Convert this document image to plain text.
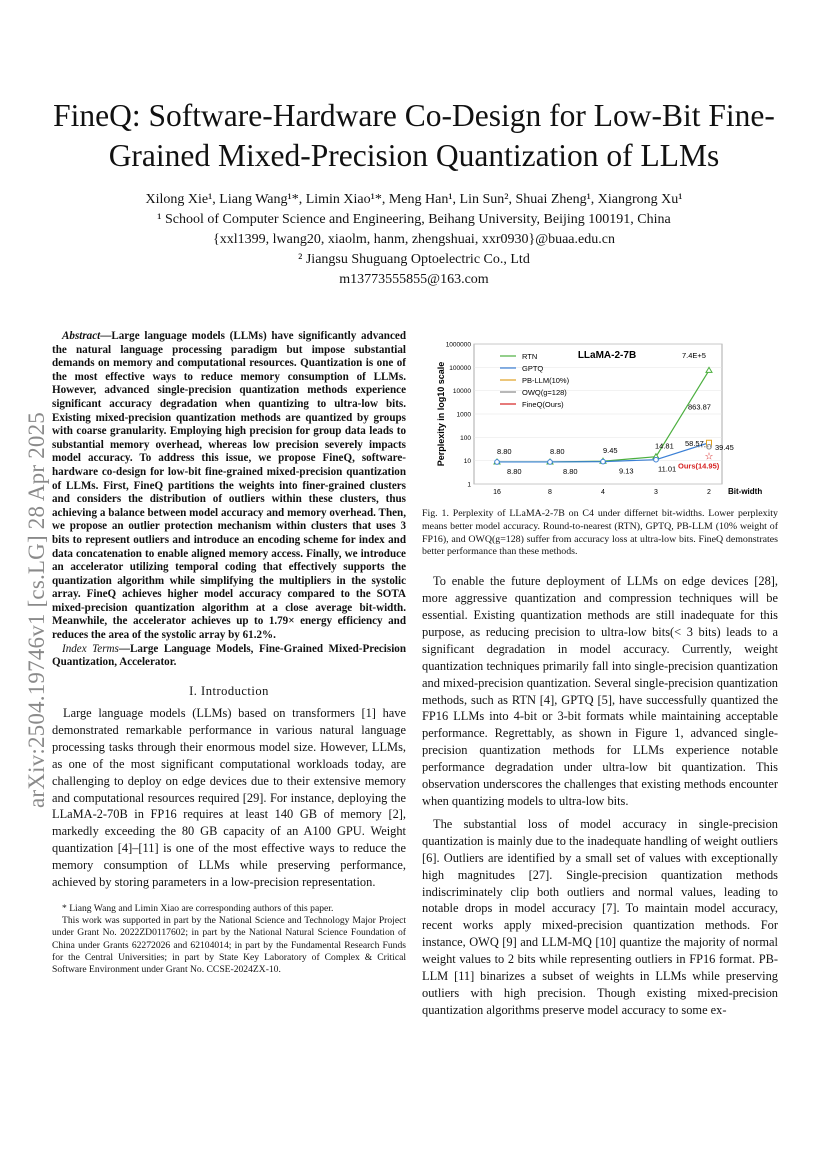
arXiv:2504.19746v1 [cs.LG] 28 Apr 2025
FineQ: Software-Hardware Co-Design for Low-Bit Fine-Grained Mixed-Precision Quantization of LLMs
Xilong Xie¹, Liang Wang¹*, Limin Xiao¹*, Meng Han¹, Lin Sun², Shuai Zheng¹, Xiangrong Xu¹
¹ School of Computer Science and Engineering, Beihang University, Beijing 100191, China
{xxl1399, lwang20, xiaolm, hanm, zhengshuai, xxr0930}@buaa.edu.cn
² Jiangsu Shuguang Optoelectric Co., Ltd
m13773555855@163.com

Abstract—Large language models (LLMs) have significantly advanced the natural language processing paradigm but impose substantial demands on memory and computational resources. Quantization is one of the most effective ways to reduce memory consumption of LLMs. However, advanced single-precision quantization methods experience significant accuracy degradation when quantizing to ultra-low bits. Existing mixed-precision quantization methods are quantized by groups with coarse granularity. Employing high precision for group data leads to substantial memory overhead, whereas low precision severely impacts model accuracy. To address this issue, we propose FineQ, software-hardware co-design for low-bit fine-grained mixed-precision quantization of LLMs. First, FineQ partitions the weights into finer-grained clusters and considers the distribution of outliers within these clusters, thus achieving a balance between model accuracy and memory overhead. Then, we propose an outlier protection mechanism within clusters that uses 3 bits to represent outliers and introduce an encoding scheme for index and data concatenation to enable aligned memory access. Finally, we introduce an accelerator utilizing temporal coding that effectively supports the quantization algorithm while simplifying the multipliers in the systolic array. FineQ achieves higher model accuracy compared to the SOTA mixed-precision quantization algorithm at a close average bit-width. Meanwhile, the accelerator achieves up to 1.79× energy efficiency and reduces the area of the systolic array by 61.2%.

Index Terms—Large Language Models, Fine-Grained Mixed-Precision Quantization, Accelerator.

I. Introduction

Large language models (LLMs) based on transformers [1] have demonstrated remarkable performance in various natural language processing tasks through their enormous model size. However, LLMs, as one of the most significant computational workloads today, are challenging to deploy on edge devices due to their extensive memory and computational resources required [29]. For instance, deploying the LLaMA-2-70B in FP16 requires at least 140 GB of memory [2], markedly exceeding the 80 GB capacity of an A100 GPU. Weight quantization [4]–[11] is one of the most effective ways to reduce the memory consumption of LLMs while preserving performance, achieved by storing parameters in a low-precision representation.

* Liang Wang and Limin Xiao are corresponding authors of this paper.

This work was supported in part by the National Science and Technology Major Project under Grant No. 2022ZD0117602; in part by the National Natural Science Foundation of China under Grants 62272026 and 62104014; in part by the Fundamental Research Funds for the Central Universities; in part by State Key Laboratory of Complex & Critical Software Environment under Grant No. CCSE-2024ZX-10.

1
10
100
1000
10000
100000
1000000
16	8	4	3	2 Bit-width
Perplexity in log10 scale
LLaMA-2-7B
☆
RTN
GPTQ
PB-LLM(10%)
OWQ(g=128)
FineQ(Ours)
8.80	8.80	9.45
14.81
7.4E+5
8.80	8.80	9.13	11.01
863.87
58.57 39.45
Ours(14.95)
Fig. 1. Perplexity of LLaMA-2-7B on C4 under differnet bit-widths. Lower perplexity means better model accuracy. Round-to-nearest (RTN), GPTQ, PB-LLM (10% weight of FP16), and OWQ(g=128) suffer from accuracy loss at ultra-low bits. FineQ demonstrates better performance than these methods.

To enable the future deployment of LLMs on edge devices [28], more aggressive quantization and compression techniques will be essential. Existing quantization methods are still inadequate for this purpose, as reducing precision to ultra-low bits(< 3 bits) leads to a significant degradation in model accuracy. Currently, weight quantization techniques primarily fall into single-precision quantization and mixed-precision quantization. Several single-precision quantization methods, such as RTN [4], GPTQ [5], have successfully quantized the FP16 LLMs into 4-bit or 3-bit formats while maintaining acceptable performance. Regrettably, as shown in Figure 1, advanced single-precision quantization methods for LLMs experience notable performance degradation under ultra-low bit quantization. This observation underscores the challenges that existing methods encounter when quantizing models to ultra-low bits.

The substantial loss of model accuracy in single-precision quantization is mainly due to the inadequate handling of weight outliers [6]. Outliers are identified by a small set of values with exceptionally high magnitudes [27]. Single-precision quantization methods indiscriminately clip both outliers and normal values, leading to notable drops in model accuracy [7]. To maintain model accuracy, recent works apply mixed-precision quantization methods. For instance, OWQ [9] and LLM-MQ [10] quantize the majority of normal weight values to 2 bits while representing outliers in FP16 format. PB-LLM [11] binarizes a subset of weights in LLMs while preserving outliers with high precision. Though existing mixed-precision quantization algorithms preserve model accuracy to some ex-
